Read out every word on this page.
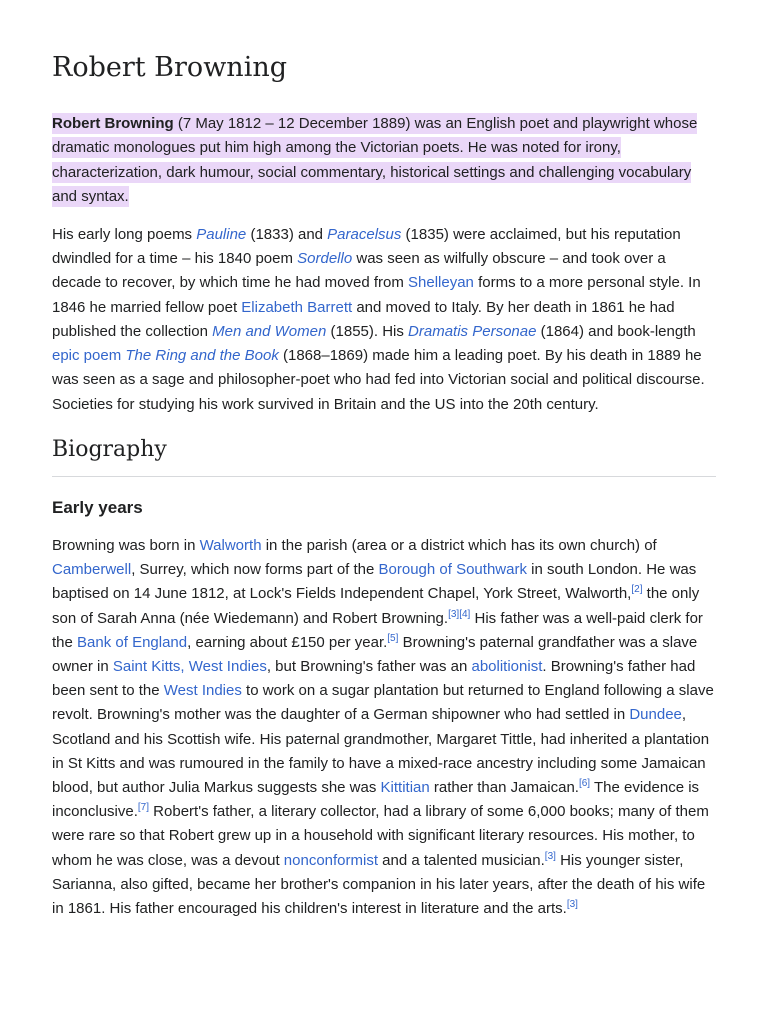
Robert Browning

Robert Browning (7 May 1812 – 12 December 1889) was an English poet and playwright whose dramatic monologues put him high among the Victorian poets. He was noted for irony, characterization, dark humour, social commentary, historical settings and challenging vocabulary and syntax.

His early long poems Pauline (1833) and Paracelsus (1835) were acclaimed, but his reputation dwindled for a time – his 1840 poem Sordello was seen as wilfully obscure – and took over a decade to recover, by which time he had moved from Shelleyan forms to a more personal style. In 1846 he married fellow poet Elizabeth Barrett and moved to Italy. By her death in 1861 he had published the collection Men and Women (1855). His Dramatis Personae (1864) and book-length epic poem The Ring and the Book (1868–1869) made him a leading poet. By his death in 1889 he was seen as a sage and philosopher-poet who had fed into Victorian social and political discourse. Societies for studying his work survived in Britain and the US into the 20th century.

Biography
Early years

Browning was born in Walworth in the parish (area or a district which has its own church) of Camberwell, Surrey, which now forms part of the Borough of Southwark in south London. He was baptised on 14 June 1812, at Lock's Fields Independent Chapel, York Street, Walworth,[2] the only son of Sarah Anna (née Wiedemann) and Robert Browning.[3][4] His father was a well-paid clerk for the Bank of England, earning about £150 per year.[5] Browning's paternal grandfather was a slave owner in Saint Kitts, West Indies, but Browning's father was an abolitionist. Browning's father had been sent to the West Indies to work on a sugar plantation but returned to England following a slave revolt. Browning's mother was the daughter of a German shipowner who had settled in Dundee, Scotland and his Scottish wife. His paternal grandmother, Margaret Tittle, had inherited a plantation in St Kitts and was rumoured in the family to have a mixed-race ancestry including some Jamaican blood, but author Julia Markus suggests she was Kittitian rather than Jamaican.[6] The evidence is inconclusive.[7] Robert's father, a literary collector, had a library of some 6,000 books; many of them were rare so that Robert grew up in a household with significant literary resources. His mother, to whom he was close, was a devout nonconformist and a talented musician.[3] His younger sister, Sarianna, also gifted, became her brother's companion in his later years, after the death of his wife in 1861. His father encouraged his children's interest in literature and the arts.[3]
